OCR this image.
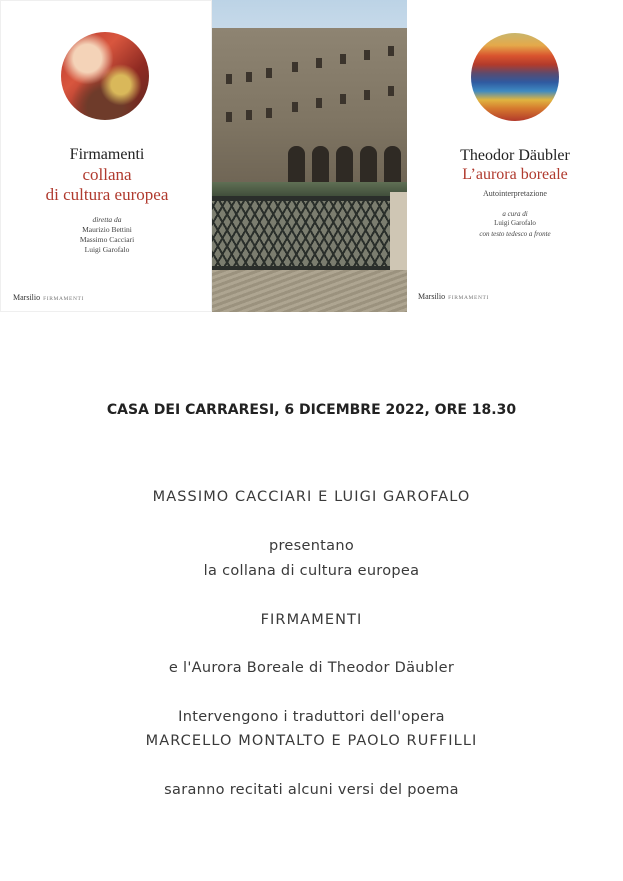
Firmamenti
collana
di cultura europea
diretta da
Maurizio Bettini
Massimo Cacciari
Luigi Garofalo
Marsilio FIRMAMENTI
Theodor Däubler
L’aurora boreale
Autointerpretazione
a cura di
Luigi Garofalo
con testo tedesco a fronte
Marsilio FIRMAMENTI
CASA DEI CARRARESI, 6 DICEMBRE 2022, ORE 18.30
MASSIMO CACCIARI E LUIGI GAROFALO
presentano
la collana di cultura europea
FIRMAMENTI
e l'Aurora Boreale di Theodor Däubler
Intervengono i traduttori dell'opera
MARCELLO MONTALTO E PAOLO RUFFILLI
saranno recitati alcuni versi del poema
